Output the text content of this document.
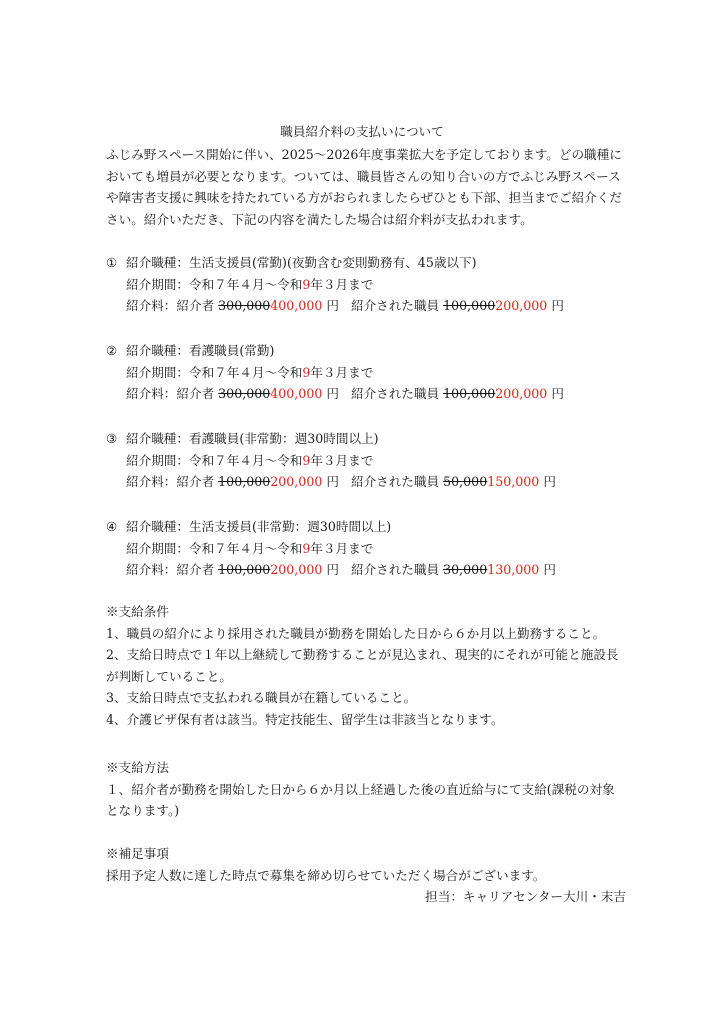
職員紹介料の支払いについて
ふじみ野スペース開始に伴い、2025～2026年度事業拡大を予定しております。どの職種においても増員が必要となります。ついては、職員皆さんの知り合いの方でふじみ野スペースや障害者支援に興味を持たれている方がおられましたらぜひとも下部、担当までご紹介ください。紹介いただき、下記の内容を満たした場合は紹介料が支払われます。
① 紹介職種：生活支援員(常勤)(夜勤含む変則勤務有、45歳以下)
紹介期間：令和７年４月～令和9年３月まで
紹介料：紹介者 300,000400,000 円 紹介された職員 100,000200,000 円
② 紹介職種：看護職員(常勤)
紹介期間：令和７年４月～令和9年３月まで
紹介料：紹介者 300,000400,000 円 紹介された職員 100,000200,000 円
③ 紹介職種：看護職員(非常勤：週30時間以上)
紹介期間：令和７年４月～令和9年３月まで
紹介料：紹介者 100,000200,000 円 紹介された職員 50,000150,000 円
④ 紹介職種：生活支援員(非常勤：週30時間以上)
紹介期間：令和７年４月～令和9年３月まで
紹介料：紹介者 100,000200,000 円 紹介された職員 30,000130,000 円
※支給条件
1、職員の紹介により採用された職員が勤務を開始した日から６か月以上勤務すること。
2、支給日時点で１年以上継続して勤務することが見込まれ、現実的にそれが可能と施設長が判断していること。
3、支給日時点で支払われる職員が在籍していること。
4、介護ビザ保有者は該当。特定技能生、留学生は非該当となります。
※支給方法
１、紹介者が勤務を開始した日から６か月以上経過した後の直近給与にて支給(課税の対象となります。)
※補足事項
採用予定人数に達した時点で募集を締め切らせていただく場合がございます。
担当：キャリアセンター大川・末吉
